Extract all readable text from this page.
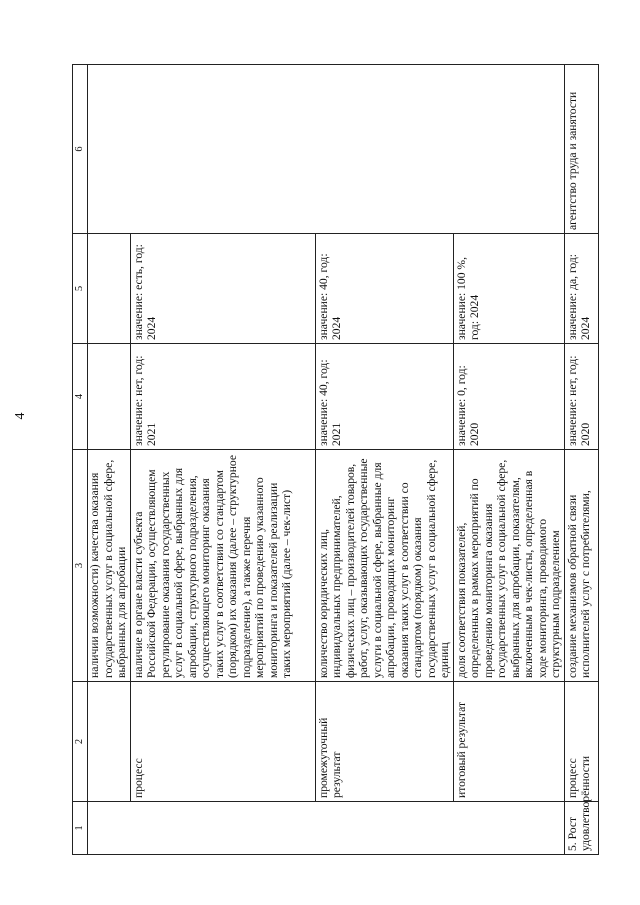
4
1	2	3	4	5	6
		наличии возможности) качества оказания государственных услуг в социальной сфере, выбранных для апробации			
	процесс	наличие в органе власти субъекта Российской Федерации, осуществляющем регулирование оказания государственных услуг в социальной сфере, выбранных для апробации, структурного подразделения, осуществляющего мониторинг оказания таких услуг в соответствии со стандартом (порядком) их оказания (далее – структурное подразделение), а также перечня мероприятий по проведению указанного мониторинга и показателей реализации таких мероприятий (далее – чек-лист)	значение: нет, год: 2021	значение: есть, год: 2024	
	промежуточный результат	количество юридических лиц, индивидуальных предпринимателей, физических лиц – производителей товаров, работ, услуг, оказывающих государственные услуги в социальной сфере, выбранные для апробации, проводящих мониторинг оказания таких услуг в соответствии со стандартом (порядком) оказания государственных услуг в социальной сфере, единиц	значение: 40, год: 2021	значение: 40, год: 2024	
	итоговый результат	доля соответствия показателей, определенных в рамках мероприятий по проведению мониторинга оказания государственных услуг в социальной сфере, выбранных для апробации, показателям, включенным в чек-листы, определенная в ходе мониторинга, проводимого структурным подразделением	значение: 0, год: 2020	значение: 100 %, год: 2024	
5. Рост удовлетворённости	процесс	создание механизмов обратной связи исполнителей услуг с потребителями,	значение: нет, год: 2020	значение: да, год: 2024	агентство труда и занятости
